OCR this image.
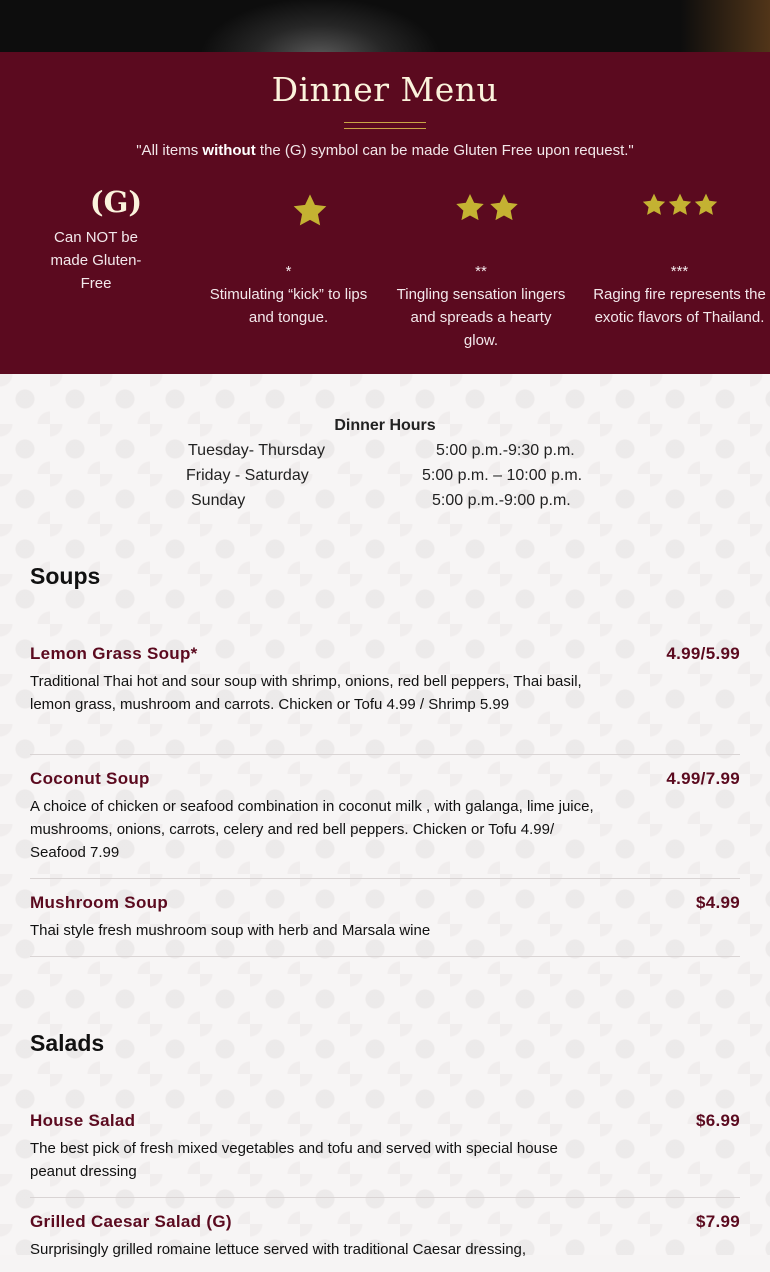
Dinner Menu
"All items without the (G) symbol can be made Gluten Free upon request."
(G)
Can NOT be made Gluten-Free
*
Stimulating “kick” to lips and tongue.
**
Tingling sensation lingers and spreads a hearty glow.
***
Raging fire represents the exotic flavors of Thailand.
Dinner Hours
Tuesday- Thursday	5:00 p.m.-9:30 p.m.
Friday - Saturday	5:00 p.m. – 10:00 p.m.
Sunday	5:00 p.m.-9:00 p.m.
Soups
Lemon Grass Soup*	4.99/5.99
Traditional Thai hot and sour soup with shrimp, onions, red bell peppers, Thai basil, lemon grass, mushroom and carrots. Chicken or Tofu 4.99 / Shrimp 5.99
Coconut Soup	4.99/7.99
A choice of chicken or seafood combination in coconut milk , with galanga, lime juice, mushrooms, onions, carrots, celery and red bell peppers. Chicken or Tofu 4.99/ Seafood 7.99
Mushroom Soup	$4.99
Thai style fresh mushroom soup with herb and Marsala wine
Salads
House Salad	$6.99
The best pick of fresh mixed vegetables and tofu and served with special house peanut dressing
Grilled Caesar Salad (G)	$7.99
Surprisingly grilled romaine lettuce served with traditional Caesar dressing,
